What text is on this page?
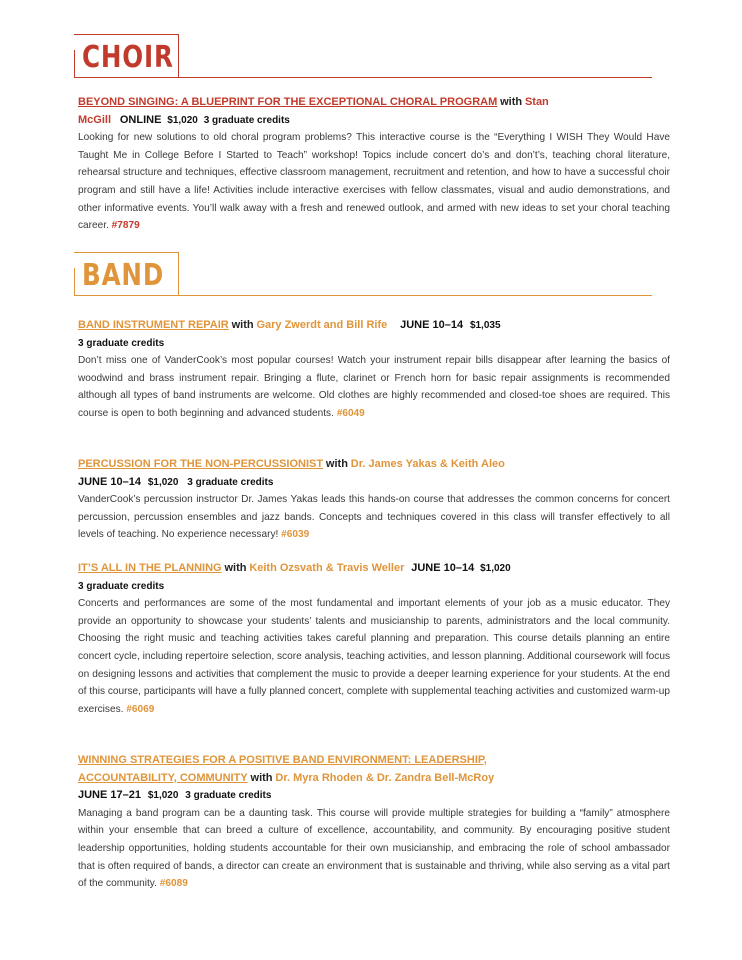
CHOIR
BEYOND SINGING: A BLUEPRINT FOR THE EXCEPTIONAL CHORAL PROGRAM with Stan
McGill ONLINE $1,020 3 graduate credits
Looking for new solutions to old choral program problems? This interactive course is the “Everything I WISH They Would Have Taught Me in College Before I Started to Teach” workshop! Topics include concert do’s and don’t’s, teaching choral literature, rehearsal structure and techniques, effective classroom management, recruitment and retention, and how to have a successful choir program and still have a life! Activities include interactive exercises with fellow classmates, visual and audio demonstrations, and other informative events. You’ll walk away with a fresh and renewed outlook, and armed with new ideas to set your choral teaching career. #7879
BAND
BAND INSTRUMENT REPAIR with Gary Zwerdt and Bill Rife JUNE 10–14 $1,035
3 graduate credits
Don’t miss one of VanderCook’s most popular courses! Watch your instrument repair bills disappear after learning the basics of woodwind and brass instrument repair. Bringing a flute, clarinet or French horn for basic repair assignments is recommended although all types of band instruments are welcome. Old clothes are highly recommended and closed-toe shoes are required. This course is open to both beginning and advanced students. #6049
PERCUSSION FOR THE NON-PERCUSSIONIST with Dr. James Yakas & Keith Aleo
JUNE 10–14 $1,020 3 graduate credits
VanderCook’s percussion instructor Dr. James Yakas leads this hands-on course that addresses the common concerns for concert percussion, percussion ensembles and jazz bands. Concepts and techniques covered in this class will transfer effectively to all levels of teaching. No experience necessary! #6039
IT’S ALL IN THE PLANNING with Keith Ozsvath & Travis Weller JUNE 10–14 $1,020
3 graduate credits
Concerts and performances are some of the most fundamental and important elements of your job as a music educator. They provide an opportunity to showcase your students’ talents and musicianship to parents, administrators and the local community. Choosing the right music and teaching activities takes careful planning and preparation. This course details planning an entire concert cycle, including repertoire selection, score analysis, teaching activities, and lesson planning. Additional coursework will focus on designing lessons and activities that complement the music to provide a deeper learning experience for your students. At the end of this course, participants will have a fully planned concert, complete with supplemental teaching activities and customized warm-up exercises. #6069
WINNING STRATEGIES FOR A POSITIVE BAND ENVIRONMENT: LEADERSHIP,
ACCOUNTABILITY, COMMUNITY with Dr. Myra Rhoden & Dr. Zandra Bell-McRoy
JUNE 17–21 $1,020 3 graduate credits
Managing a band program can be a daunting task. This course will provide multiple strategies for building a “family” atmosphere within your ensemble that can breed a culture of excellence, accountability, and community. By encouraging positive student leadership opportunities, holding students accountable for their own musicianship, and embracing the role of school ambassador that is often required of bands, a director can create an environment that is sustainable and thriving, while also serving as a vital part of the community. #6089
